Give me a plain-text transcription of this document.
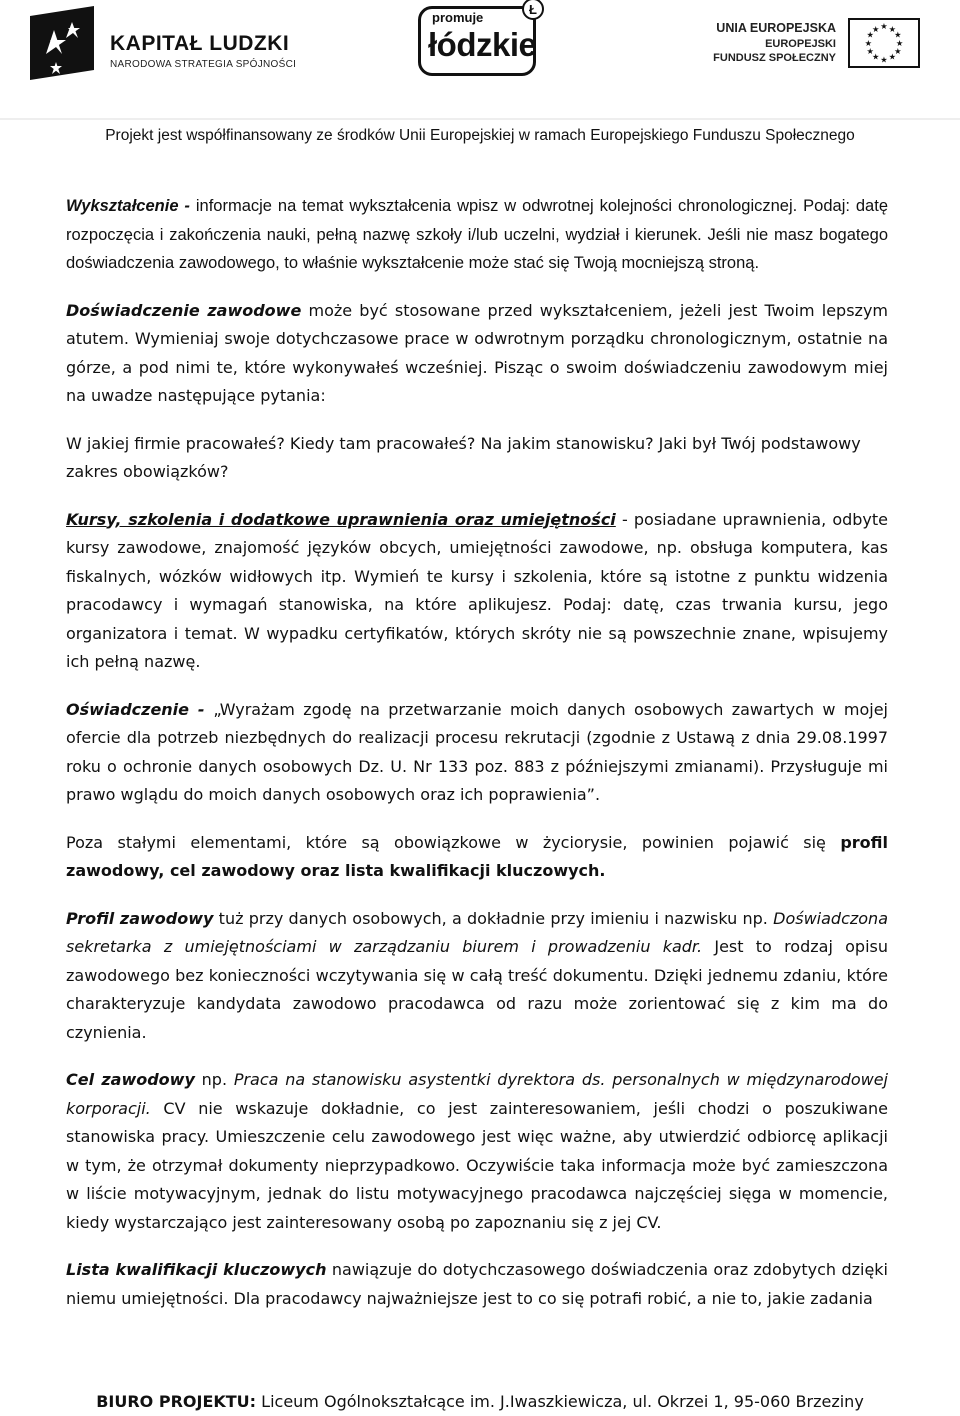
KAPITAŁ LUDZKI
NARODOWA STRATEGIA SPÓJNOŚCI
promuje
łódzkie
Ł
UNIA EUROPEJSKA
EUROPEJSKI
FUNDUSZ SPOŁECZNY
★ ★
★
★
★
★
★
★
★
★
★
★
Projekt jest współfinansowany ze środków Unii Europejskiej w ramach Europejskiego Funduszu Społecznego

Wykształcenie - informacje na temat wykształcenia wpisz w odwrotnej kolejności chronologicznej. Podaj: datę rozpoczęcia i zakończenia nauki, pełną nazwę szkoły i/lub uczelni, wydział i kierunek. Jeśli nie masz bogatego doświadczenia zawodowego, to właśnie wykształcenie może stać się Twoją mocniejszą stroną.

Doświadczenie zawodowe może być stosowane przed wykształceniem, jeżeli jest Twoim lepszym atutem. Wymieniaj swoje dotychczasowe prace w odwrotnym porządku chronologicznym, ostatnie na górze, a pod nimi te, które wykonywałeś wcześniej. Pisząc o swoim doświadczeniu zawodowym miej na uwadze następujące pytania:

W jakiej firmie pracowałeś? Kiedy tam pracowałeś? Na jakim stanowisku? Jaki był Twój podstawowy zakres obowiązków?

Kursy, szkolenia i dodatkowe uprawnienia oraz umiejętności - posiadane uprawnienia, odbyte kursy zawodowe, znajomość języków obcych, umiejętności zawodowe, np. obsługa komputera, kas fiskalnych, wózków widłowych itp. Wymień te kursy i szkolenia, które są istotne z punktu widzenia pracodawcy i wymagań stanowiska, na które aplikujesz. Podaj: datę, czas trwania kursu, jego organizatora i temat. W wypadku certyfikatów, których skróty nie są powszechnie znane, wpisujemy ich pełną nazwę.

Oświadczenie - „Wyrażam zgodę na przetwarzanie moich danych osobowych zawartych w mojej ofercie dla potrzeb niezbędnych do realizacji procesu rekrutacji (zgodnie z Ustawą z dnia 29.08.1997 roku o ochronie danych osobowych Dz. U. Nr 133 poz. 883 z późniejszymi zmianami). Przysługuje mi prawo wglądu do moich danych osobowych oraz ich poprawienia”.

Poza stałymi elementami, które są obowiązkowe w życiorysie, powinien pojawić się profil zawodowy, cel zawodowy oraz lista kwalifikacji kluczowych.

Profil zawodowy tuż przy danych osobowych, a dokładnie przy imieniu i nazwisku np. Doświadczona sekretarka z umiejętnościami w zarządzaniu biurem i prowadzeniu kadr. Jest to rodzaj opisu zawodowego bez konieczności wczytywania się w całą treść dokumentu. Dzięki jednemu zdaniu, które charakteryzuje kandydata zawodowo pracodawca od razu może zorientować się z kim ma do czynienia.

Cel zawodowy np. Praca na stanowisku asystentki dyrektora ds. personalnych w międzynarodowej korporacji. CV nie wskazuje dokładnie, co jest zainteresowaniem, jeśli chodzi o poszukiwane stanowiska pracy. Umieszczenie celu zawodowego jest więc ważne, aby utwierdzić odbiorcę aplikacji w tym, że otrzymał dokumenty nieprzypadkowo. Oczywiście taka informacja może być zamieszczona w liście motywacyjnym, jednak do listu motywacyjnego pracodawca najczęściej sięga w momencie, kiedy wystarczająco jest zainteresowany osobą po zapoznaniu się z jej CV.

Lista kwalifikacji kluczowych nawiązuje do dotychczasowego doświadczenia oraz zdobytych dzięki niemu umiejętności. Dla pracodawcy najważniejsze jest to co się potrafi robić, a nie to, jakie zadania

BIURO PROJEKTU: Liceum Ogólnokształcące im. J.Iwaszkiewicza, ul. Okrzei 1, 95-060 Brzeziny
